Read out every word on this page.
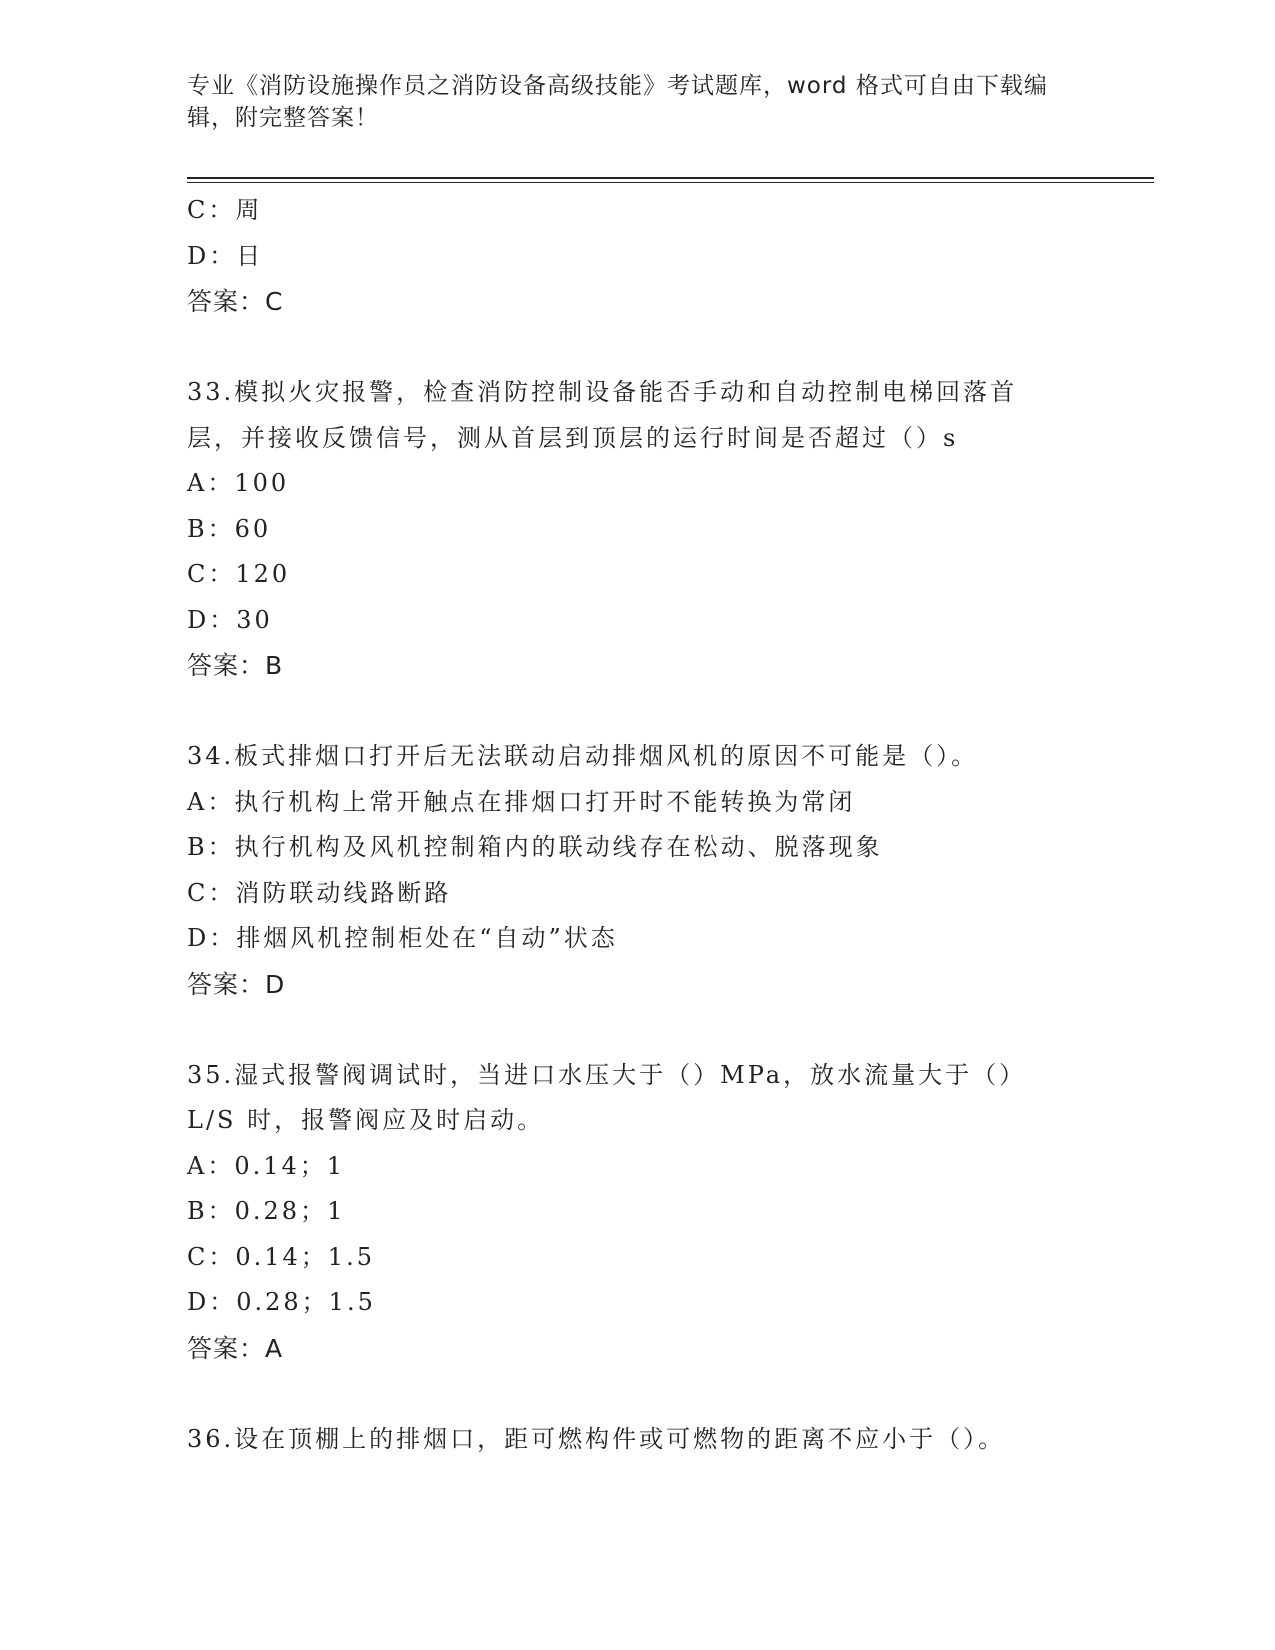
专业《消防设施操作员之消防设备高级技能》考试题库，word 格式可自由下载编辑，附完整答案！
C：周
D：日
答案：C
33.模拟火灾报警，检查消防控制设备能否手动和自动控制电梯回落首
层，并接收反馈信号，测从首层到顶层的运行时间是否超过（）s
A：100
B：60
C：120
D：30
答案：B
34.板式排烟口打开后无法联动启动排烟风机的原因不可能是（）。
A：执行机构上常开触点在排烟口打开时不能转换为常闭
B：执行机构及风机控制箱内的联动线存在松动、脱落现象
C：消防联动线路断路
D：排烟风机控制柜处在“自动”状态
答案：D
35.湿式报警阀调试时，当进口水压大于（）MPa，放水流量大于（）
L/S 时，报警阀应及时启动。
A：0.14；1
B：0.28；1
C：0.14；1.5
D：0.28；1.5
答案：A
36.设在顶棚上的排烟口，距可燃构件或可燃物的距离不应小于（）。
